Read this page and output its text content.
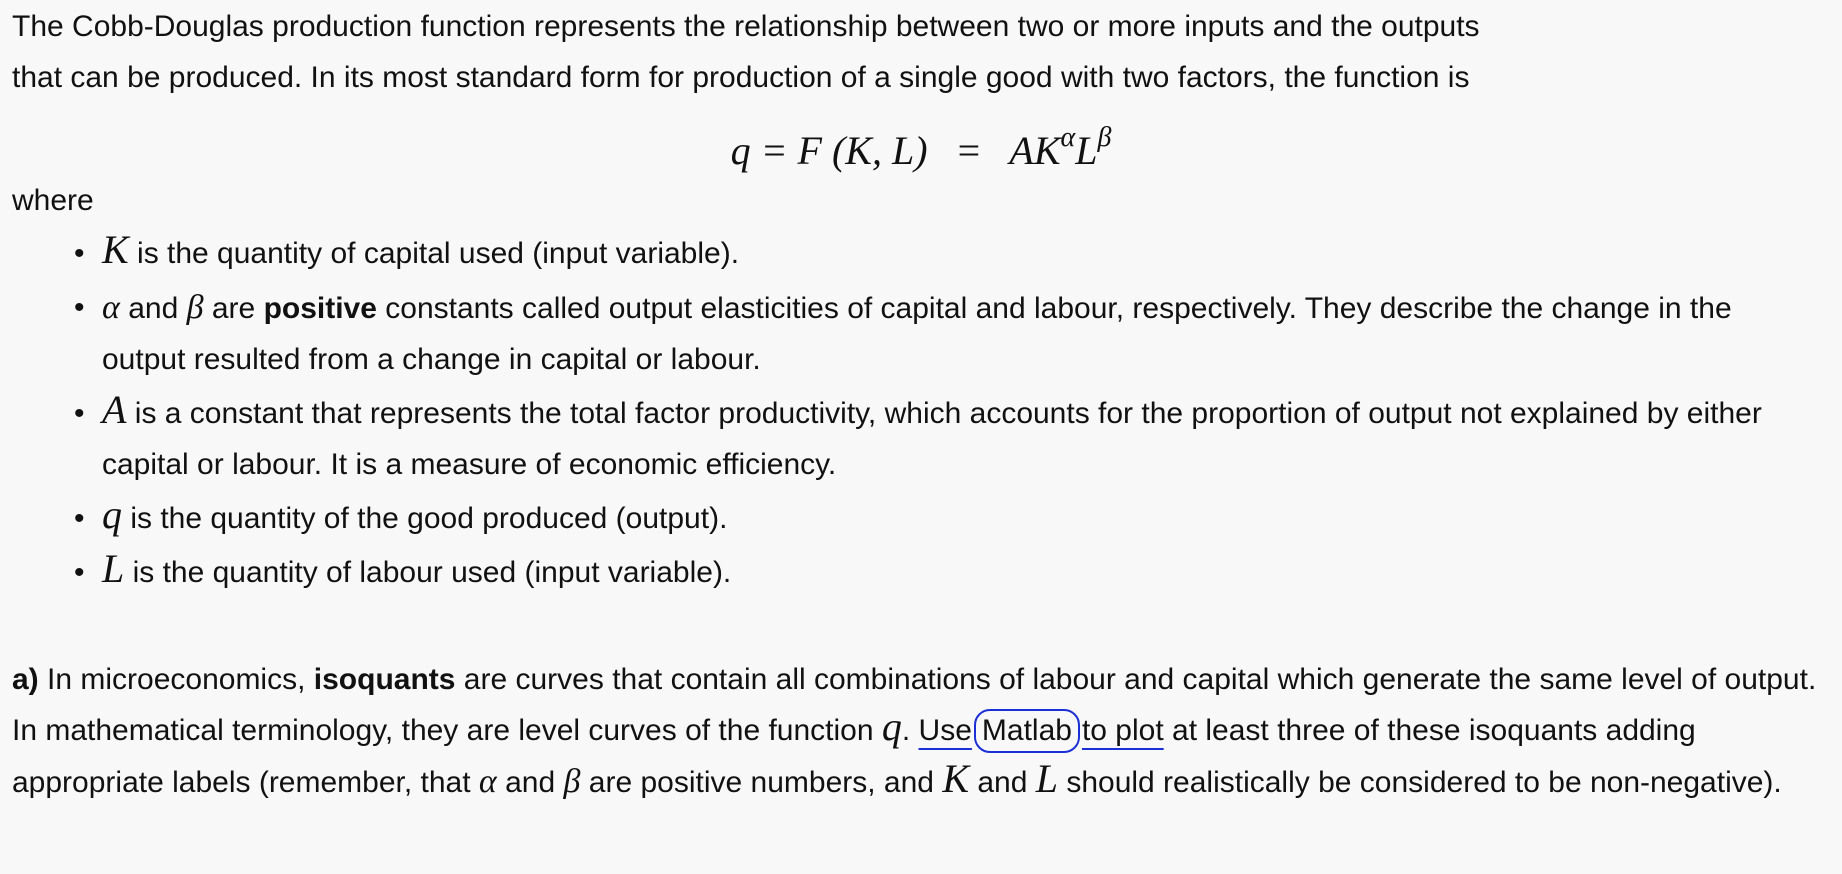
The Cobb-Douglas production function represents the relationship between two or more inputs and the outputs
that can be produced. In its most standard form for production of a single good with two factors, the function is

q = F (K, $L) = AK^\alpha L^\beta$

where

• K is the quantity of capital used (input variable).
• α and β are positive constants called output elasticities of capital and labour, respectively. They describe the change in the output resulted from a change in capital or labour.
• A is a constant that represents the total factor productivity, which accounts for the proportion of output not explained by either capital or labour. It is a measure of economic efficiency.
• q is the quantity of the good produced (output).
• L is the quantity of labour used (input variable).

a) In microeconomics, isoquants are curves that contain all combinations of labour and capital which generate the same level of output. In mathematical terminology, they are level curves of the function q. Use Matlab to plot at least three of these isoquants adding appropriate labels (remember, that α and β are positive numbers, and K and L should realistically be considered to be non-negative).
